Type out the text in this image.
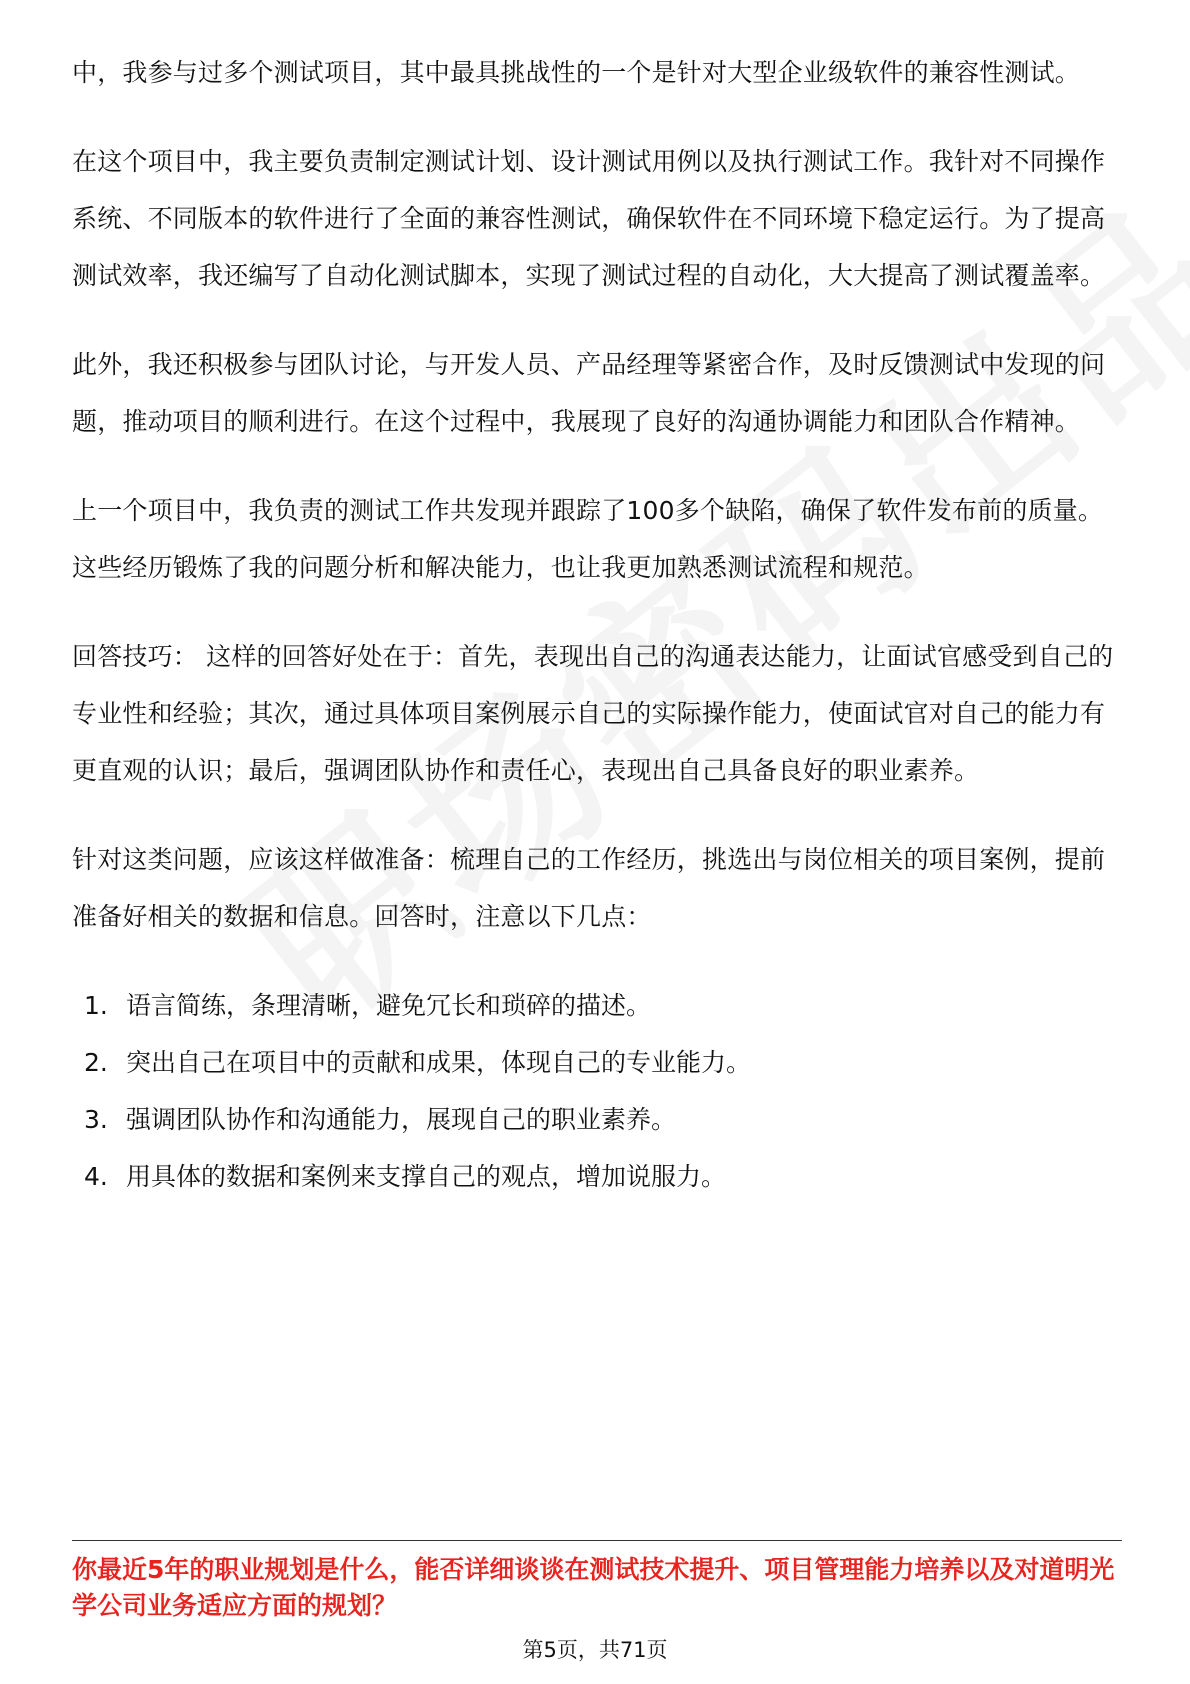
中，我参与过多个测试项目，其中最具挑战性的一个是针对大型企业级软件的兼容性测试。

在这个项目中，我主要负责制定测试计划、设计测试用例以及执行测试工作。我针对不同操作系统、不同版本的软件进行了全面的兼容性测试，确保软件在不同环境下稳定运行。为了提高测试效率，我还编写了自动化测试脚本，实现了测试过程的自动化，大大提高了测试覆盖率。

此外，我还积极参与团队讨论，与开发人员、产品经理等紧密合作，及时反馈测试中发现的问题，推动项目的顺利进行。在这个过程中，我展现了良好的沟通协调能力和团队合作精神。

上一个项目中，我负责的测试工作共发现并跟踪了100多个缺陷，确保了软件发布前的质量。这些经历锻炼了我的问题分析和解决能力，也让我更加熟悉测试流程和规范。

回答技巧： 这样的回答好处在于：首先，表现出自己的沟通表达能力，让面试官感受到自己的专业性和经验；其次，通过具体项目案例展示自己的实际操作能力，使面试官对自己的能力有更直观的认识；最后，强调团队协作和责任心，表现出自己具备良好的职业素养。

针对这类问题，应该这样做准备：梳理自己的工作经历，挑选出与岗位相关的项目案例，提前准备好相关的数据和信息。回答时，注意以下几点：

1. 语言简练，条理清晰，避免冗长和琐碎的描述。
2. 突出自己在项目中的贡献和成果，体现自己的专业能力。
3. 强调团队协作和沟通能力，展现自己的职业素养。
4. 用具体的数据和案例来支撑自己的观点，增加说服力。

你最近5年的职业规划是什么，能否详细谈谈在测试技术提升、项目管理能力培养以及对道明光学公司业务适应方面的规划？

第5页，共71页
